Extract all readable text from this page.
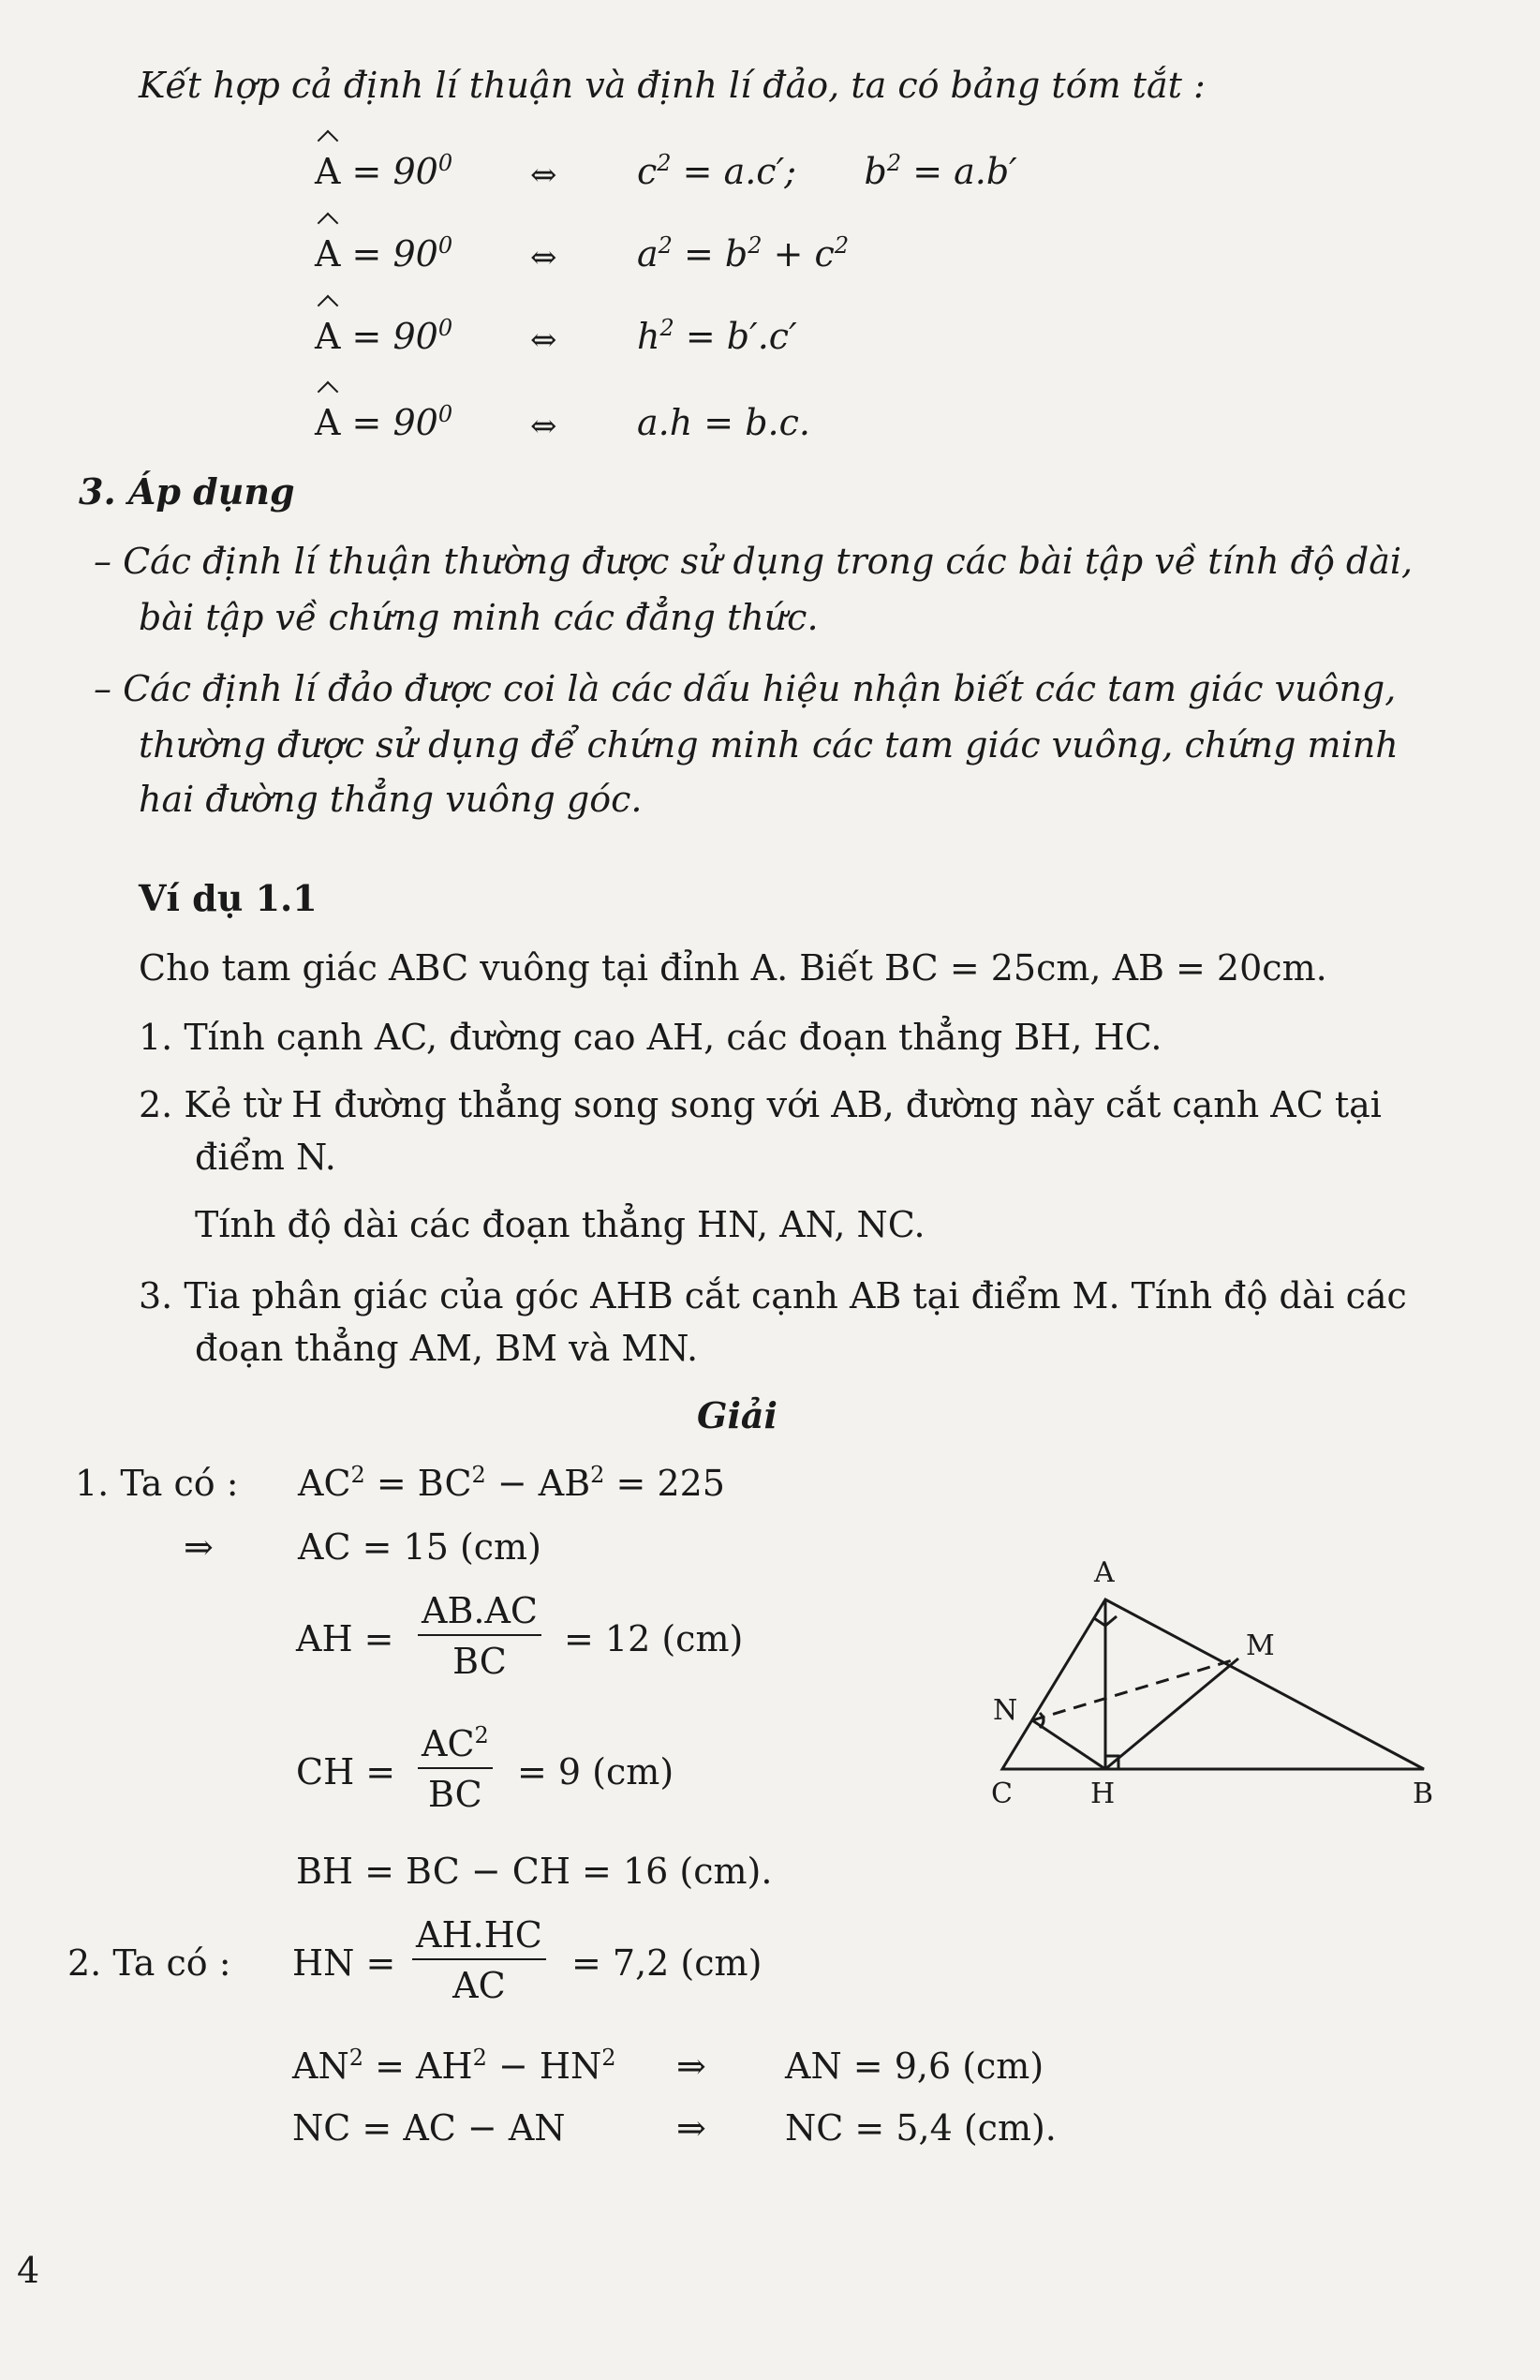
Kết hợp cả định lí thuận và định lí đảo, ta có bảng tóm tắt :
$A = 90^0$ ⇔ $c^2 = a.c'$;      $b^2 = a.b'$
$A = 90^0$ ⇔ $a^2 = b^2 + c^2$
$A = 90^0$ ⇔ $h^2 = b'.c'$
$A = 90^0$ ⇔ a.h = b.c.
3. Áp dụng
– Các định lí thuận thường được sử dụng trong các bài tập về tính độ dài,
bài tập về chứng minh các đẳng thức.
– Các định lí đảo được coi là các dấu hiệu nhận biết các tam giác vuông,
thường được sử dụng để chứng minh các tam giác vuông, chứng minh
hai đường thẳng vuông góc.
Ví dụ 1.1
Cho tam giác ABC vuông tại đỉnh A. Biết BC = 25cm, AB = 20cm.
1. Tính cạnh AC, đường cao AH, các đoạn thẳng BH, HC.
2. Kẻ từ H đường thẳng song song với AB, đường này cắt cạnh AC tại
điểm N.
Tính độ dài các đoạn thẳng HN, AN, NC.
3. Tia phân giác của góc AHB cắt cạnh AB tại điểm M. Tính độ dài các
đoạn thẳng AM, BM và MN.
Giải
1. Ta có : $AC^2 = BC^2 - AB^2 = 225$
⇒ AC = 15 (cm)
AH = $\frac{AB.AC}{BC} = 12$ (cm)
CH = $\frac{AC^2}{BC} = 9$ (cm)
BH = BC − CH = 16 (cm).
2. Ta có : HN = $\frac{AH.HC}{AC} = 7,2$ (cm)
$AN^2 = AH^2 - HN^2$ ⇒ AN = 9,6 (cm)
NC = AC − AN	⇒ NC = 5,4 (cm).
A
M
N
C	H	B
4
